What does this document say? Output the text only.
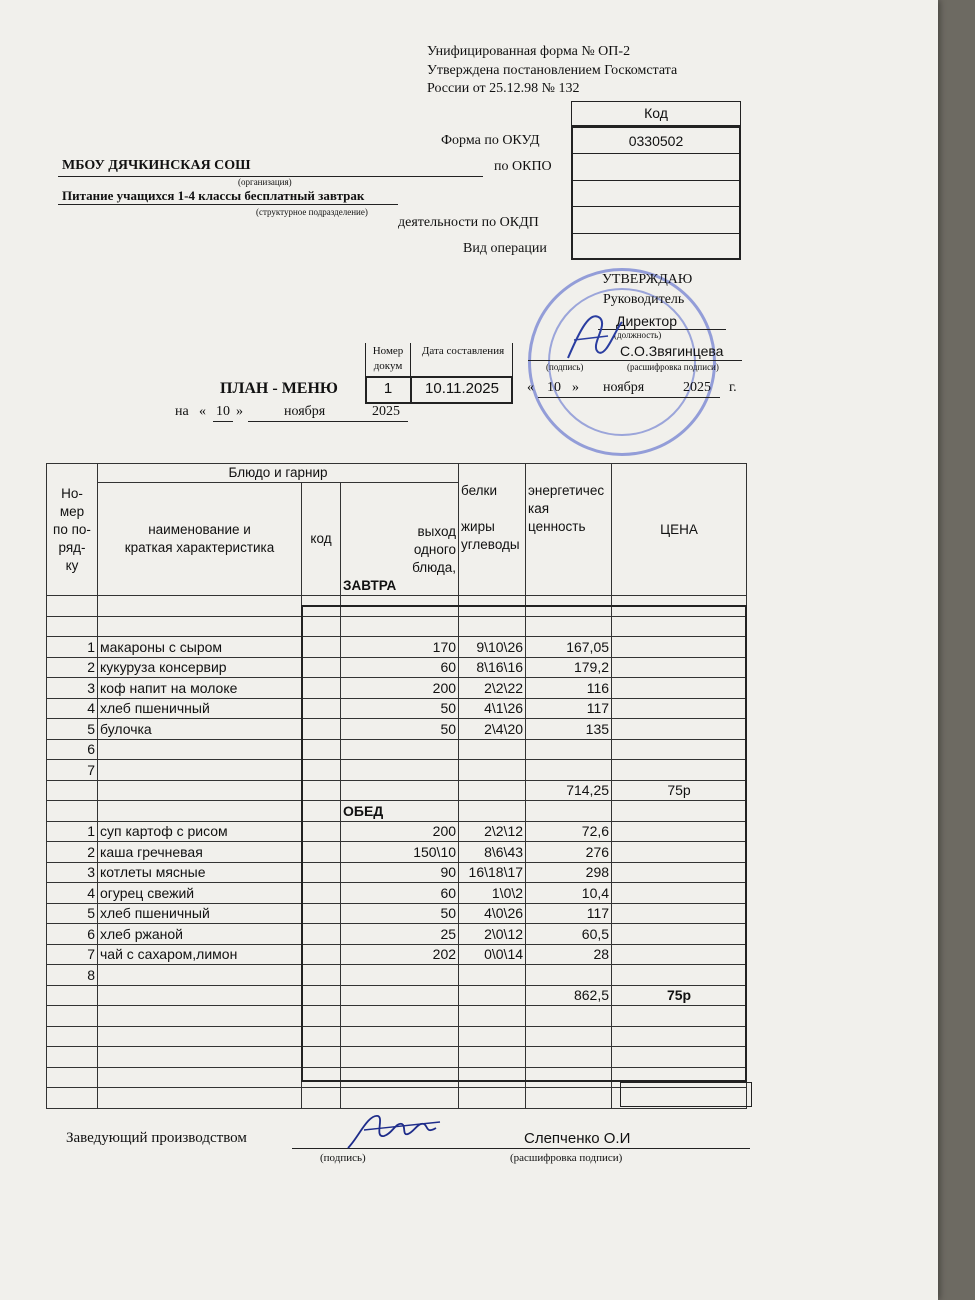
Унифицированная форма № ОП-2
Утверждена постановлением Госкомстата
России от 25.12.98 № 132
Код
0330502
Форма по ОКУД
по ОКПО
деятельности по ОКДП
Вид операции
МБОУ ДЯЧКИНСКАЯ СОШ
(организация)
Питание учащихся 1-4 классы бесплатный завтрак
(структурное подразделение)
УТВЕРЖДАЮ
Руководитель
Директор
(должность)
С.О.Звягинцева
(подпись)	(расшифровка подписи)
« 10 » ноября	2025 г.
ПЛАН - МЕНЮ
Номер докум
Дата составления
1	10.11.2025
на « 10 »	ноября	2025
Но-
мер
по по-
ряд-
ку	Блюдо и гарнир			белки

жиры
углеводы	энергетичес
кая ценность	ЦЕНА
	наименование и
краткая характеристика	код	выход
одного
блюда,

ЗАВТРА			

1	макароны с сыром		170	9\10\26	167,05	
2	кукуруза консервир		60	8\16\16	179,2	
3	коф напит на молоке		200	2\2\22	116	
4	хлеб пшеничный		50	4\1\26	117	
5	булочка		50	2\4\20	135	
6						
7						
					714,25	75р
			ОБЕД			
1	суп картоф с рисом		200	2\2\12	72,6	
2	каша гречневая		150\10	8\6\43	276	
3	котлеты мясные		90	16\18\17	298	
4	огурец свежий		60	1\0\2	10,4	
5	хлеб пшеничный		50	4\0\26	117	
6	хлеб ржаной		25	2\0\12	60,5	
7	чай с сахаром,лимон		202	0\0\14	28	
8						
					862,5	75р

Заведующий производством	Слепченко О.И
(подпись)	(расшифровка подписи)
